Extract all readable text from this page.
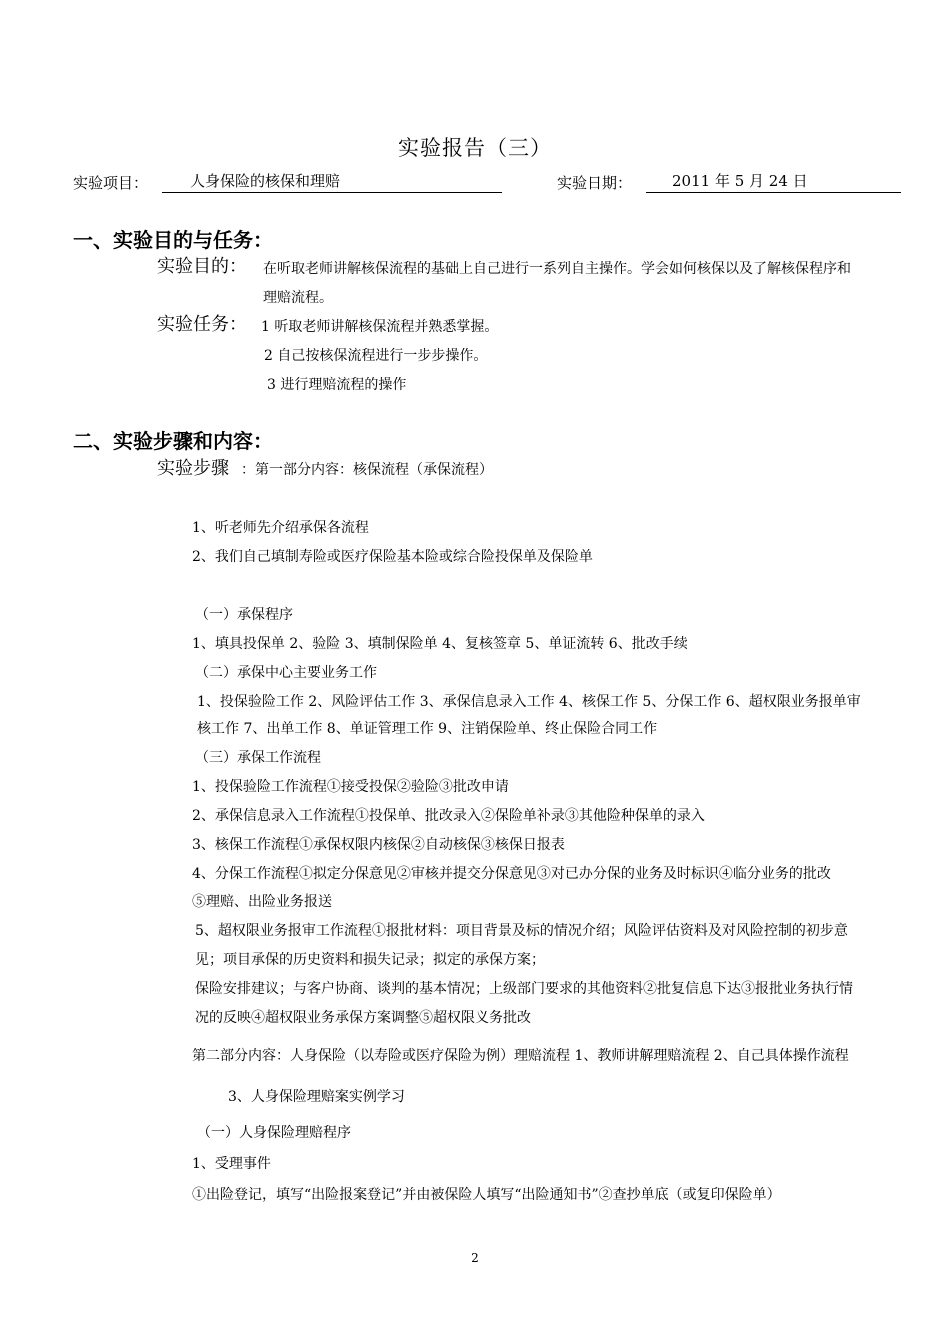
实验报告（三）
实验项目：	人身保险的核保和理赔	实验日期：	2011 年 5 月 24 日
一、实验目的与任务：
实验目的： 在听取老师讲解核保流程的基础上自己进行一系列自主操作。学会如何核保以及了解核保程序和
理赔流程。
实验任务： 1 听取老师讲解核保流程并熟悉掌握。
2 自己按核保流程进行一步步操作。
3 进行理赔流程的操作
二、实验步骤和内容：
实验步骤 ：第一部分内容：核保流程（承保流程）
1、听老师先介绍承保各流程
2、我们自己填制寿险或医疗保险基本险或综合险投保单及保险单
（一）承保程序
1、填具投保单 2、验险 3、填制保险单 4、复核签章 5、单证流转 6、批改手续
（二）承保中心主要业务工作
1、投保验险工作 2、风险评估工作 3、承保信息录入工作 4、核保工作 5、分保工作 6、超权限业务报单审
核工作 7、出单工作 8、单证管理工作 9、注销保险单、终止保险合同工作
（三）承保工作流程
1、投保验险工作流程①接受投保②验险③批改申请
2、承保信息录入工作流程①投保单、批改录入②保险单补录③其他险种保单的录入
3、核保工作流程①承保权限内核保②自动核保③核保日报表
4、分保工作流程①拟定分保意见②审核并提交分保意见③对已办分保的业务及时标识④临分业务的批改
⑤理赔、出险业务报送
5、超权限业务报审工作流程①报批材料：项目背景及标的情况介绍；风险评估资料及对风险控制的初步意
见；项目承保的历史资料和损失记录；拟定的承保方案；
保险安排建议；与客户协商、谈判的基本情况；上级部门要求的其他资料②批复信息下达③报批业务执行情
况的反映④超权限业务承保方案调整⑤超权限义务批改
第二部分内容：人身保险（以寿险或医疗保险为例）理赔流程 1、教师讲解理赔流程 2、自己具体操作流程
3、人身保险理赔案实例学习
（一）人身保险理赔程序
1、受理事件
①出险登记，填写“出险报案登记”并由被保险人填写“出险通知书”②查抄单底（或复印保险单）
2
